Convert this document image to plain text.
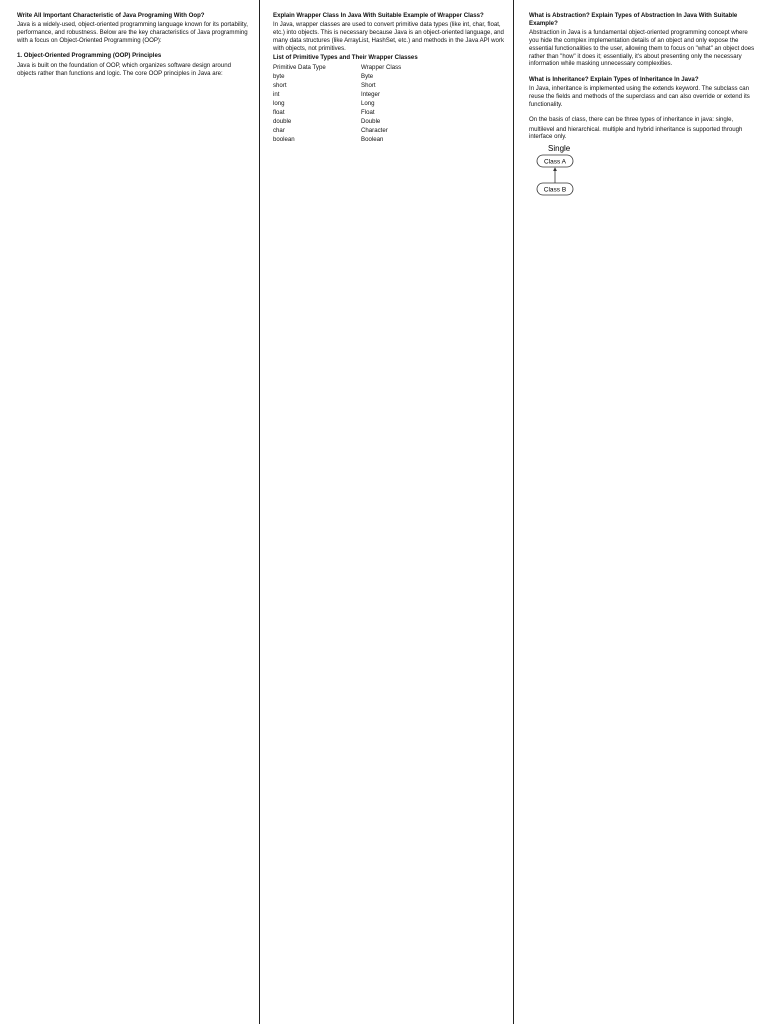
Write All Important Characteristic of Java Programing With Oop?

Java is a widely-used, object-oriented programming language known for its portability, performance, and robustness. Below are the key characteristics of Java programming with a focus on Object-Oriented Programming (OOP):

1. Object-Oriented Programming (OOP) Principles

Java is built on the foundation of OOP, which organizes software design around objects rather than functions and logic. The core OOP principles in Java are:

Explain Wrapper Class In Java With Suitable Example of Wrapper Class?

In Java, wrapper classes are used to convert primitive data types (like int, char, float, etc.) into objects. This is necessary because Java is an object-oriented language, and many data structures (like ArrayList, HashSet, etc.) and methods in the Java API work with objects, not primitives.

List of Primitive Types and Their Wrapper Classes

Primitive Data Type	Wrapper Class
byte	Byte
short	Short
int	Integer
long	Long
float	Float
double	Double
char	Character
boolean	Boolean

What is Abstraction? Explain Types of Abstraction In Java With Suitable Example?

Abstraction in Java is a fundamental object-oriented programming concept where you hide the complex implementation details of an object and only expose the essential functionalities to the user, allowing them to focus on "what" an object does rather than "how" it does it; essentially, it's about presenting only the necessary information while masking unnecessary complexities.

What is Inheritance? Explain Types of Inheritance In Java?

In Java, inheritance is implemented using the extends keyword. The subclass can reuse the fields and methods of the superclass and can also override or extend its functionality.

On the basis of class, there can be three types of inheritance in java: single,

multilevel and hierarchical. multiple and hybrid inheritance is supported through interface only.

Single
Class A
Class B
